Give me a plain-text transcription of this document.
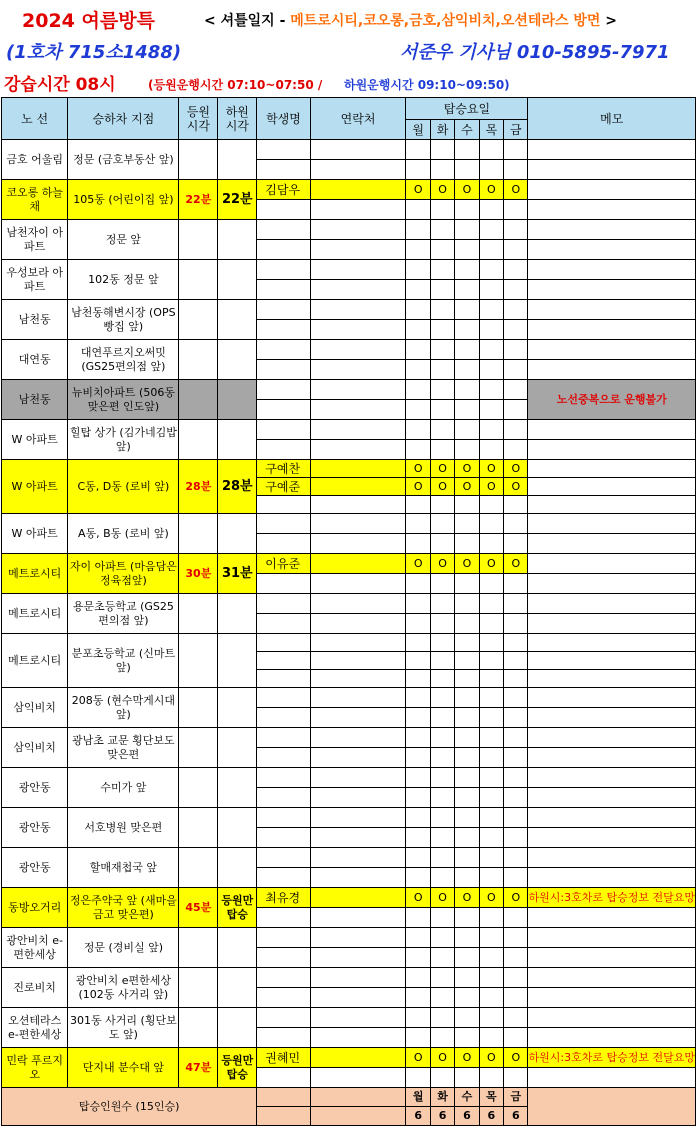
2024 여름방특	< 셔틀일지 - 메트로시티,코오롱,금호,삼익비치,오션테라스 방면 >
(1호차 715소1488)	서준우 기사님 010-5895-7971
강습시간 08시	(등원운행시간 07:10~07:50 / 하원운행시간 09:10~09:50)
노 선	승하차 지점	등원 시각	하원 시각	학생명	연락처	탑승요일					메모
						월	화	수	목	금	
금호 어울림	정문 (금호부동산 앞)										

코오롱 하늘채	105동 (어린이집 앞)	22분	22분	김담우		O	O	O	O	O	

남천자이 아파트	정문 앞										

우성보라 아파트	102동 정문 앞										

남천동	남천동해변시장 (OPS빵집 앞)										

대연동	대연푸르지오써밋 (GS25편의점 앞)										

남천동	뉴비치아파트 (506동맞은편 인도앞)										노선중복으로 운행불가

W 아파트	힐탑 상가 (김가네김밥 앞)										

W 아파트	C동, D동 (로비 앞)	28분	28분	구예찬		O	O	O	O	O	
				구예준		O	O	O	O	O	

W 아파트	A동, B동 (로비 앞)										

메트로시티	자이 아파트 (마음담은정육점앞)	30분	31분	이유준		O	O	O	O	O	

메트로시티	용문초등학교 (GS25편의점 앞)										

메트로시티	분포초등학교 (신마트 앞)										

삼익비치	208동 (현수막게시대 앞)										

삼익비치	광남초 교문 횡단보도 맞은편										

광안동	수미가 앞										

광안동	서호병원 맞은편										

광안동	할매재첩국 앞										

동방오거리	정은주약국 앞 (새마을금고 맞은편)	45분	등원만 탑승	최유경		O	O	O	O	O	하원시:3호차로 탑승정보 전달요망

광안비치 e-편한세상	정문 (경비실 앞)										

진로비치	광안비치 e편한세상 (102동 사거리 앞)										

오션테라스 e-편한세상	301동 사거리 (횡단보도 앞)										

민락 푸르지오	단지내 분수대 앞	47분	등원만 탑승	권혜민		O	O	O	O	O	하원시:3호차로 탑승정보 전달요망

탑승인원수 (15인승)						월	화	수	목	금	
						6	6	6	6	6	
